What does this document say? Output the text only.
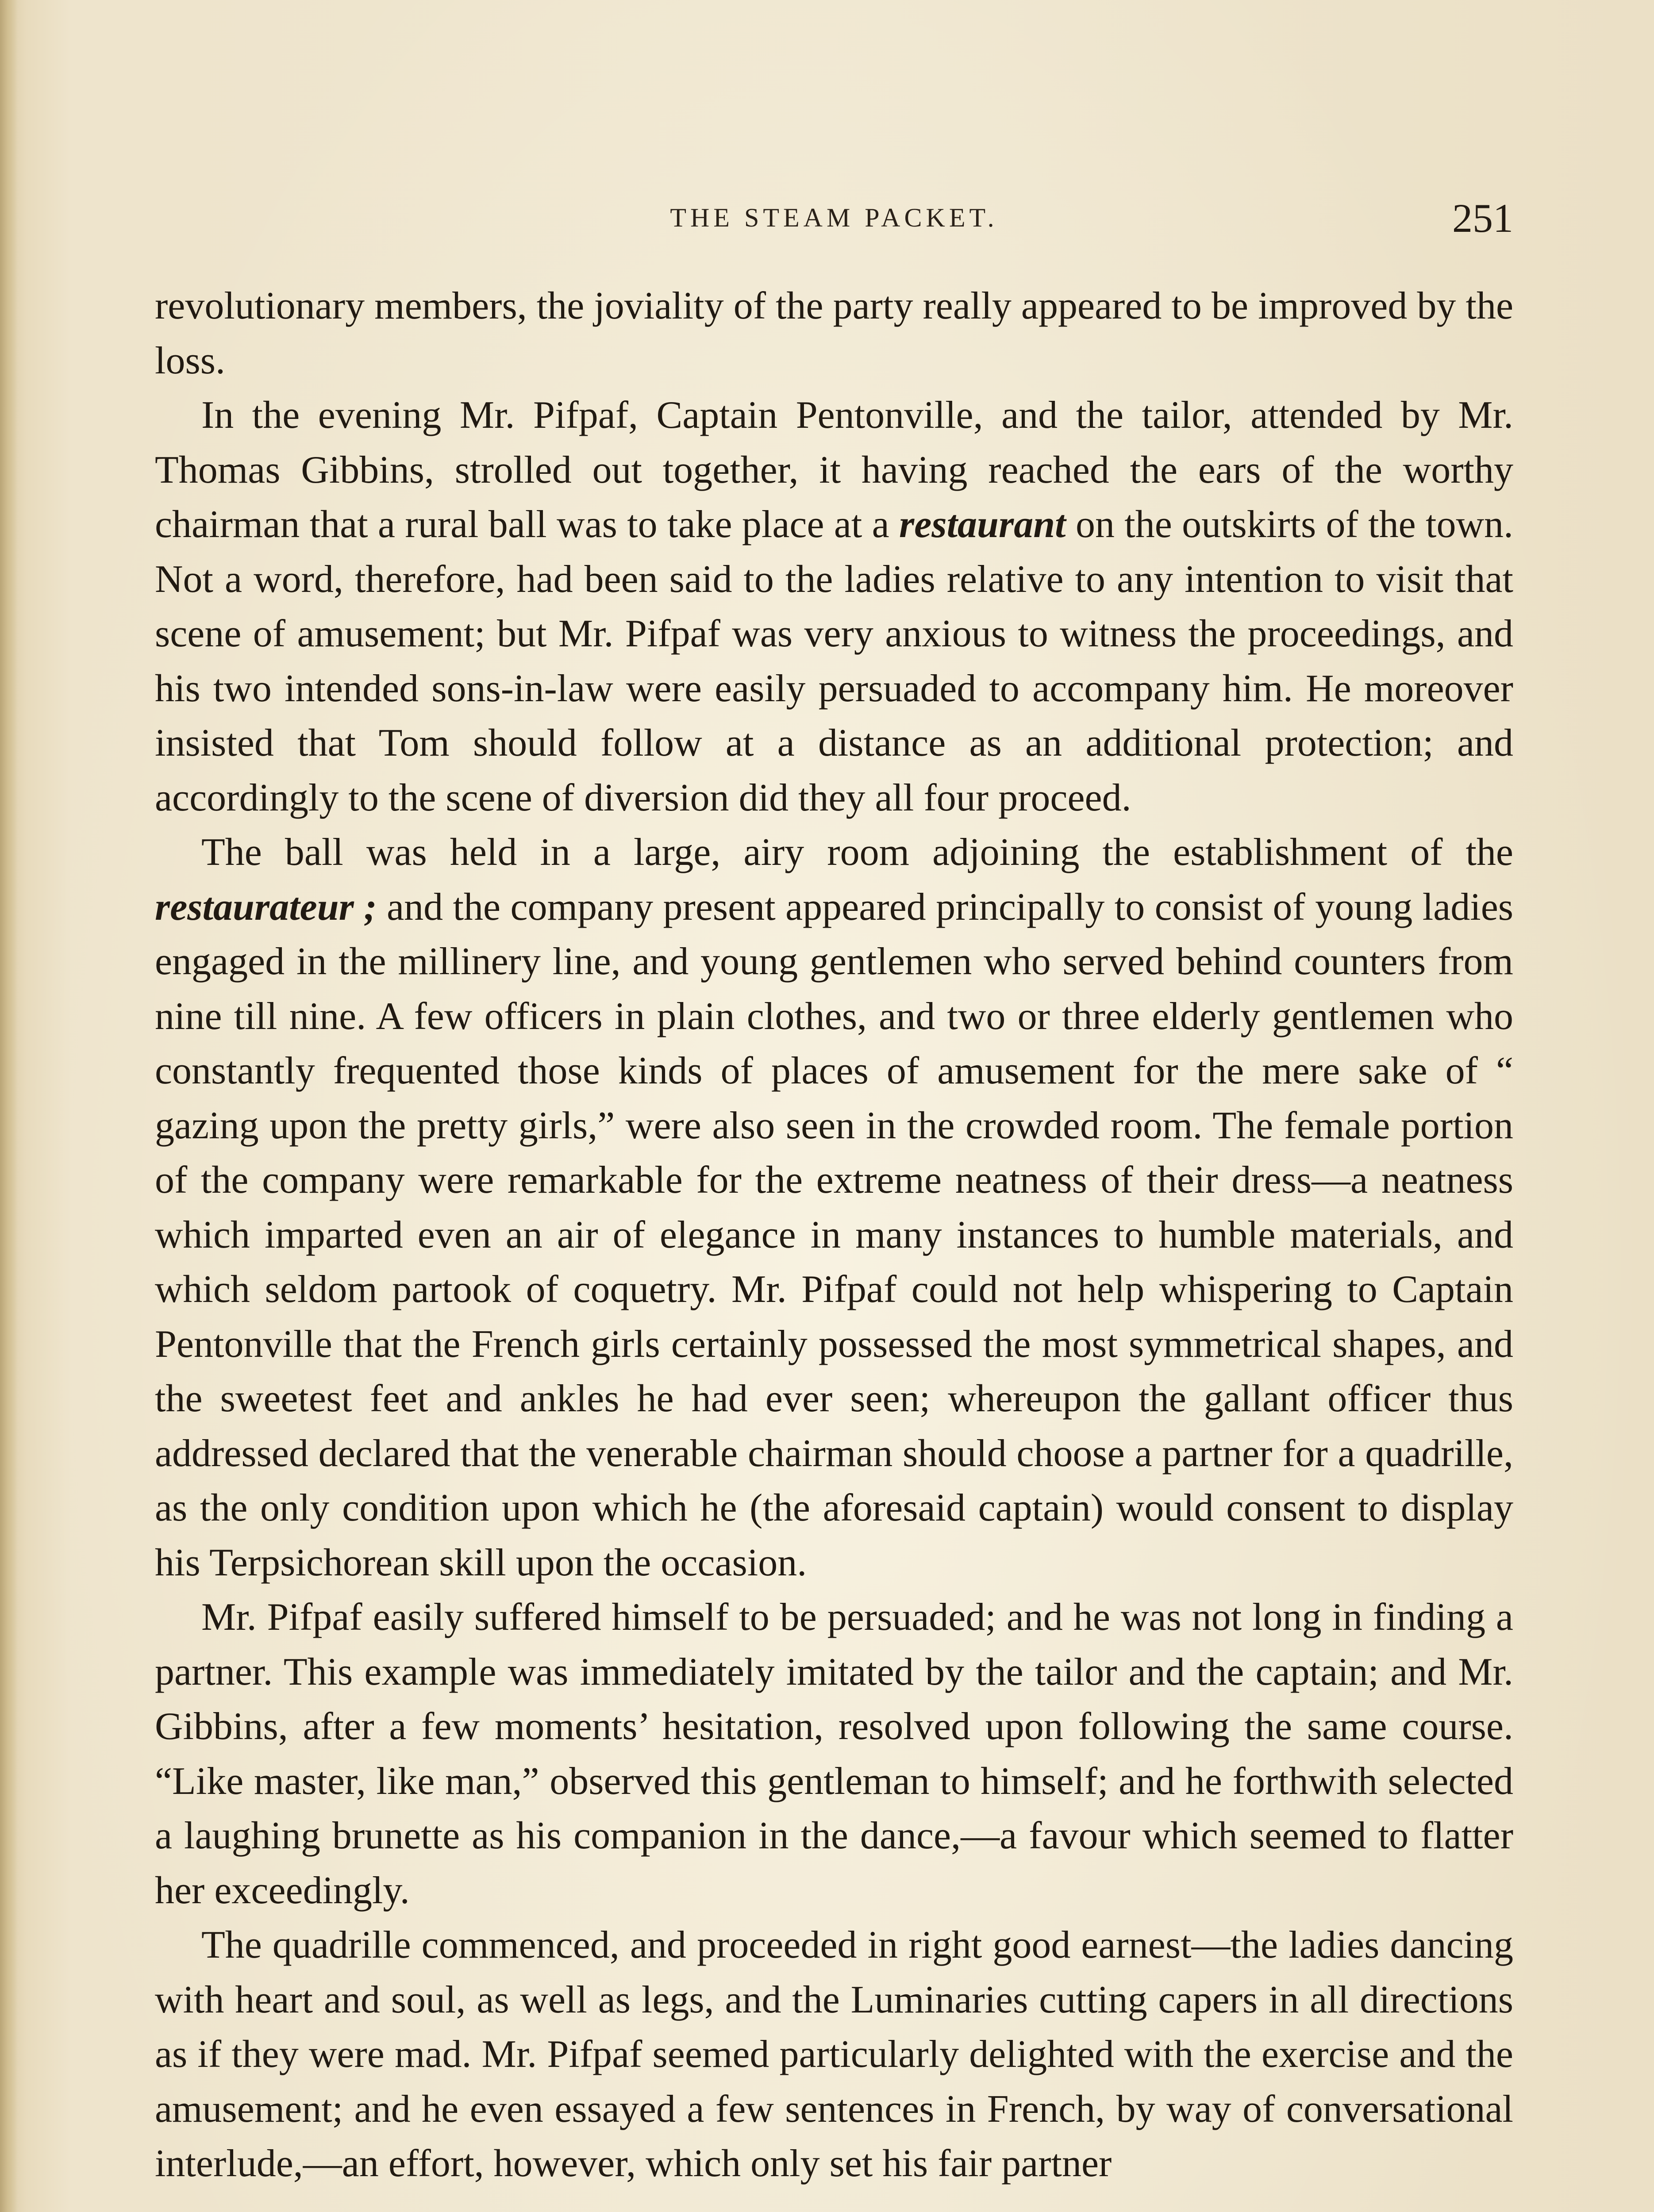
THE STEAM PACKET.	251

revolutionary members, the joviality of the party really appeared to be improved by the loss.

In the evening Mr. Pifpaf, Captain Pentonville, and the tailor, attended by Mr. Thomas Gibbins, strolled out together, it having reached the ears of the worthy chairman that a rural ball was to take place at a restaurant on the outskirts of the town. Not a word, therefore, had been said to the ladies relative to any intention to visit that scene of amusement; but Mr. Pifpaf was very anxious to witness the proceedings, and his two intended sons-in-law were easily persuaded to accompany him. He moreover insisted that Tom should follow at a distance as an additional protection; and accordingly to the scene of diversion did they all four proceed.

The ball was held in a large, airy room adjoining the establishment of the restaurateur ; and the company present appeared principally to consist of young ladies engaged in the millinery line, and young gentlemen who served behind counters from nine till nine. A few officers in plain clothes, and two or three elderly gentlemen who constantly frequented those kinds of places of amusement for the mere sake of “ gazing upon the pretty girls,” were also seen in the crowded room. The female portion of the company were remarkable for the extreme neatness of their dress—a neatness which imparted even an air of elegance in many instances to humble materials, and which seldom partook of coquetry. Mr. Pifpaf could not help whispering to Captain Pentonville that the French girls certainly possessed the most symmetrical shapes, and the sweetest feet and ankles he had ever seen; whereupon the gallant officer thus addressed declared that the venerable chairman should choose a partner for a quadrille, as the only condition upon which he (the aforesaid captain) would consent to display his Terpsichorean skill upon the occasion.

Mr. Pifpaf easily suffered himself to be persuaded; and he was not long in finding a partner. This example was immediately imitated by the tailor and the captain; and Mr. Gibbins, after a few moments’ hesitation, resolved upon following the same course. “Like master, like man,” observed this gentleman to himself; and he forthwith selected a laughing brunette as his companion in the dance,—a favour which seemed to flatter her exceedingly.

The quadrille commenced, and proceeded in right good earnest—the ladies dancing with heart and soul, as well as legs, and the Luminaries cutting capers in all directions as if they were mad. Mr. Pifpaf seemed particularly delighted with the exercise and the amusement; and he even essayed a few sentences in French, by way of conversational interlude,—an effort, however, which only set his fair partner
